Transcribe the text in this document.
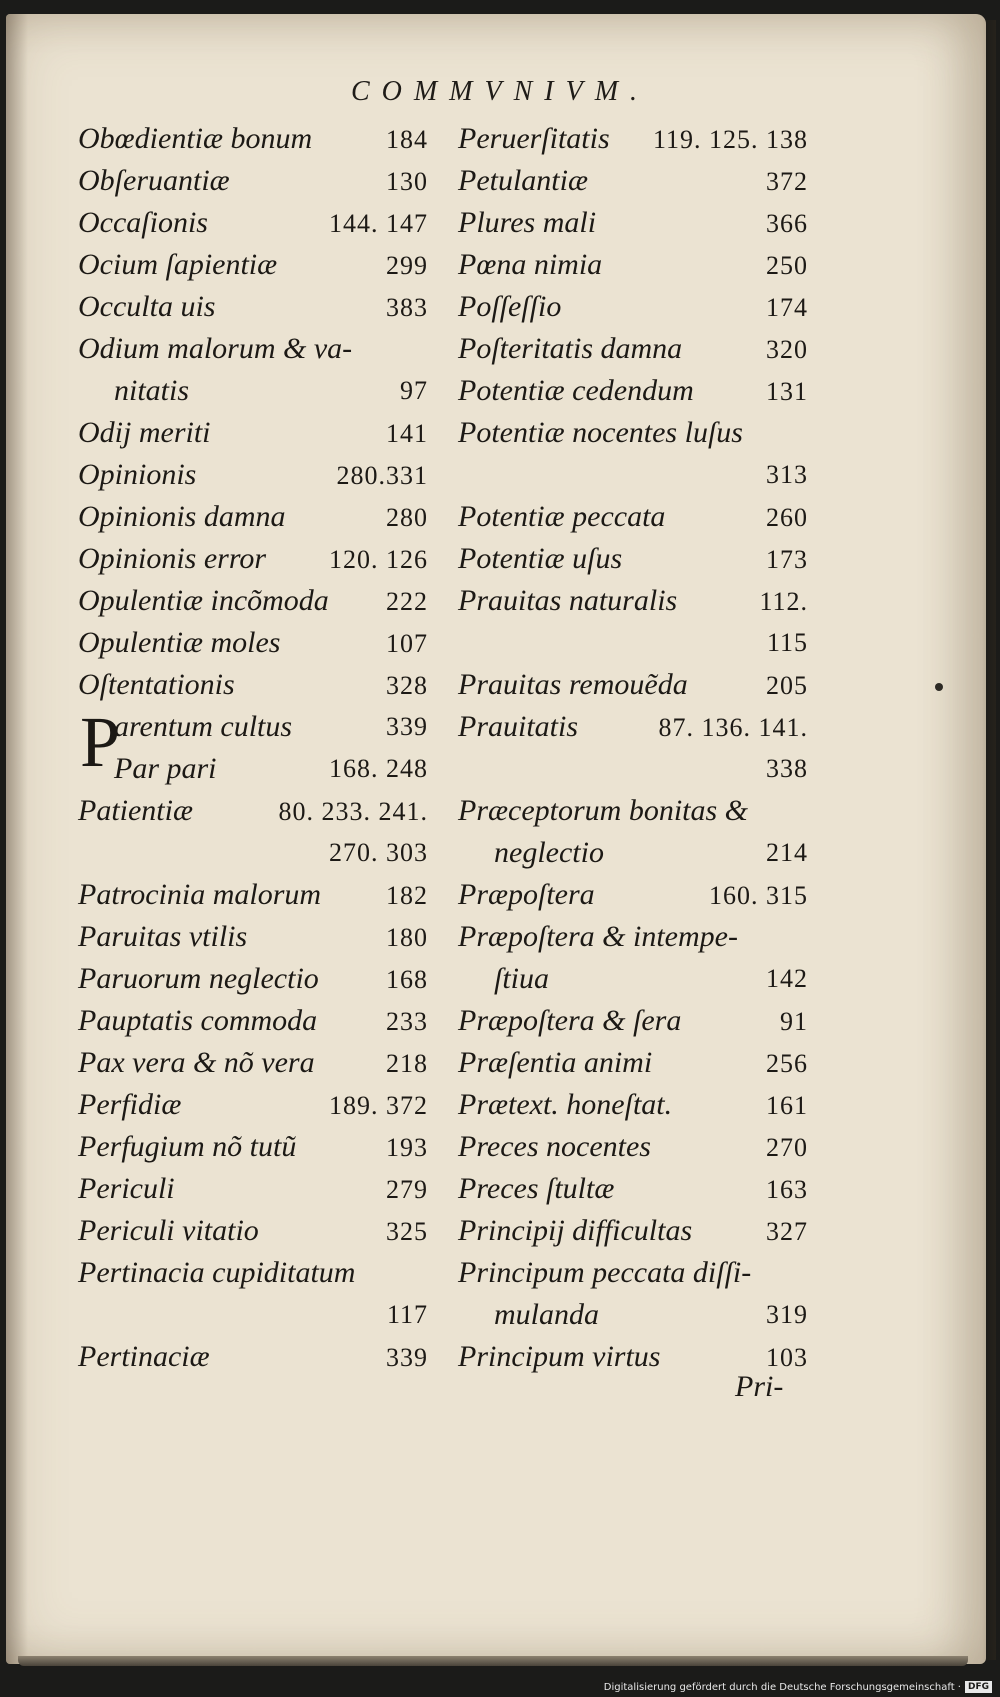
COMMVNIVM.
Obœdientiæ bonum	184
Obſeruantiæ	130
Occaſionis	144. 147
Ocium ſapientiæ	299
Occulta uis	383
Odium malorum & va-
nitatis	97
Odij meriti	141
Opinionis	280.331
Opinionis damna	280
Opinionis error 120. 126
Opulentiæ incõmoda 222
Opulentiæ moles	107
Oſtentationis	328
arentum cultus	339
Par pari	168. 248
Patientiæ	80. 233. 241.
270. 303
Patrocinia malorum 182
Paruitas vtilis	180
Paruorum neglectio	168
Pauptatis commoda	233
Pax vera & nõ vera	218
Perfidiæ	189. 372
Perfugium nõ tutũ	193
Periculi	279
Periculi vitatio	325
Pertinacia cupiditatum
117
Pertinaciæ	339
Peruerſitatis 119. 125. 138
Petulantiæ	372
Plures mali	366
Pœna nimia	250
Poſſeſſio	174
Poſteritatis damna	320
Potentiæ cedendum	131
Potentiæ nocentes luſus
313
Potentiæ peccata	260
Potentiæ uſus	173
Prauitas naturalis	112.
115
Prauitas remouẽda	205
Prauitatis	87. 136. 141.
338
Præceptorum bonitas &
neglectio	214
Præpoſtera	160. 315
Præpoſtera & intempe-
ſtiua	142
Præpoſtera & ſera	91
Præſentia animi	256
Prætext. honeſtat.	161
Preces nocentes	270
Preces ſtultæ	163
Principij difficultas	327
Principum peccata diſſi-
mulanda	319
Principum virtus	103
P
Pri-
Digitalisierung gefördert durch die Deutsche Forschungsgemeinschaft · DFG
